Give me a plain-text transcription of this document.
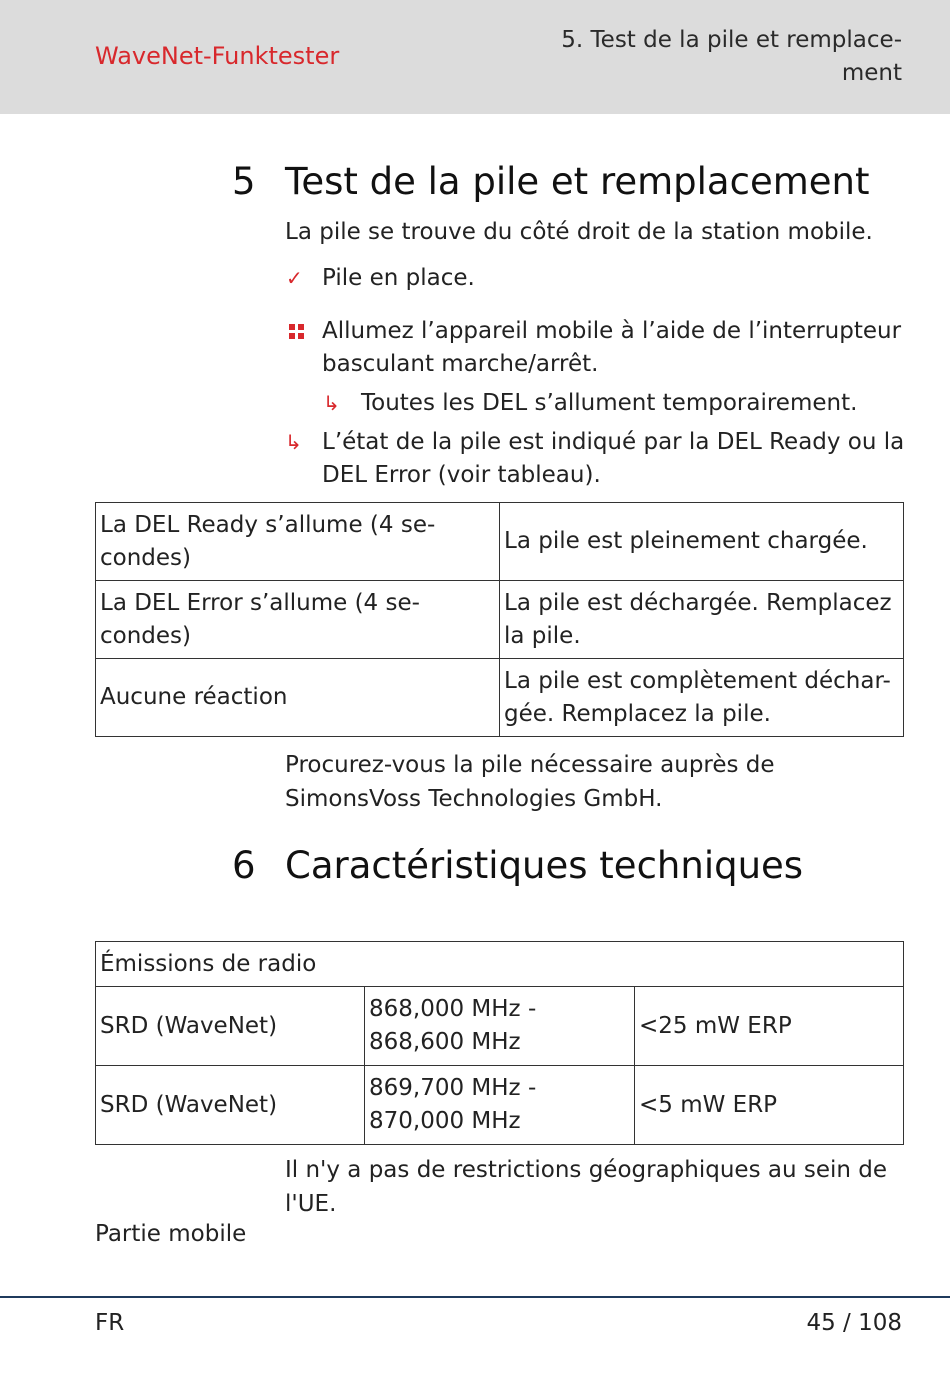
WaveNet-Funktester
5. Test de la pile et remplace-
ment
5 Test de la pile et remplacement
La pile se trouve du côté droit de la station mobile.
✓ Pile en place.
Allumez l’appareil mobile à l’aide de l’interrupteur
basculant marche/arrêt.
↳ Toutes les DEL s’allument temporairement.
↳ L’état de la pile est indiqué par la DEL Ready ou la
DEL Error (voir tableau).
La DEL Ready s’allume (4 se-
condes)	La pile est pleinement chargée.
La DEL Error s’allume (4 se-
condes)	La pile est déchargée. Remplacez
la pile.
Aucune réaction	La pile est complètement déchar-
gée. Remplacez la pile.
Procurez-vous la pile nécessaire auprès de
SimonsVoss Technologies GmbH.
6 Caractéristiques techniques
Émissions de radio		
SRD (WaveNet)	868,000 MHz -
868,600 MHz	<25 mW ERP
SRD (WaveNet)	869,700 MHz -
870,000 MHz	<5 mW ERP
Il n'y a pas de restrictions géographiques au sein de
l'UE.
Partie mobile
FR	45 / 108
